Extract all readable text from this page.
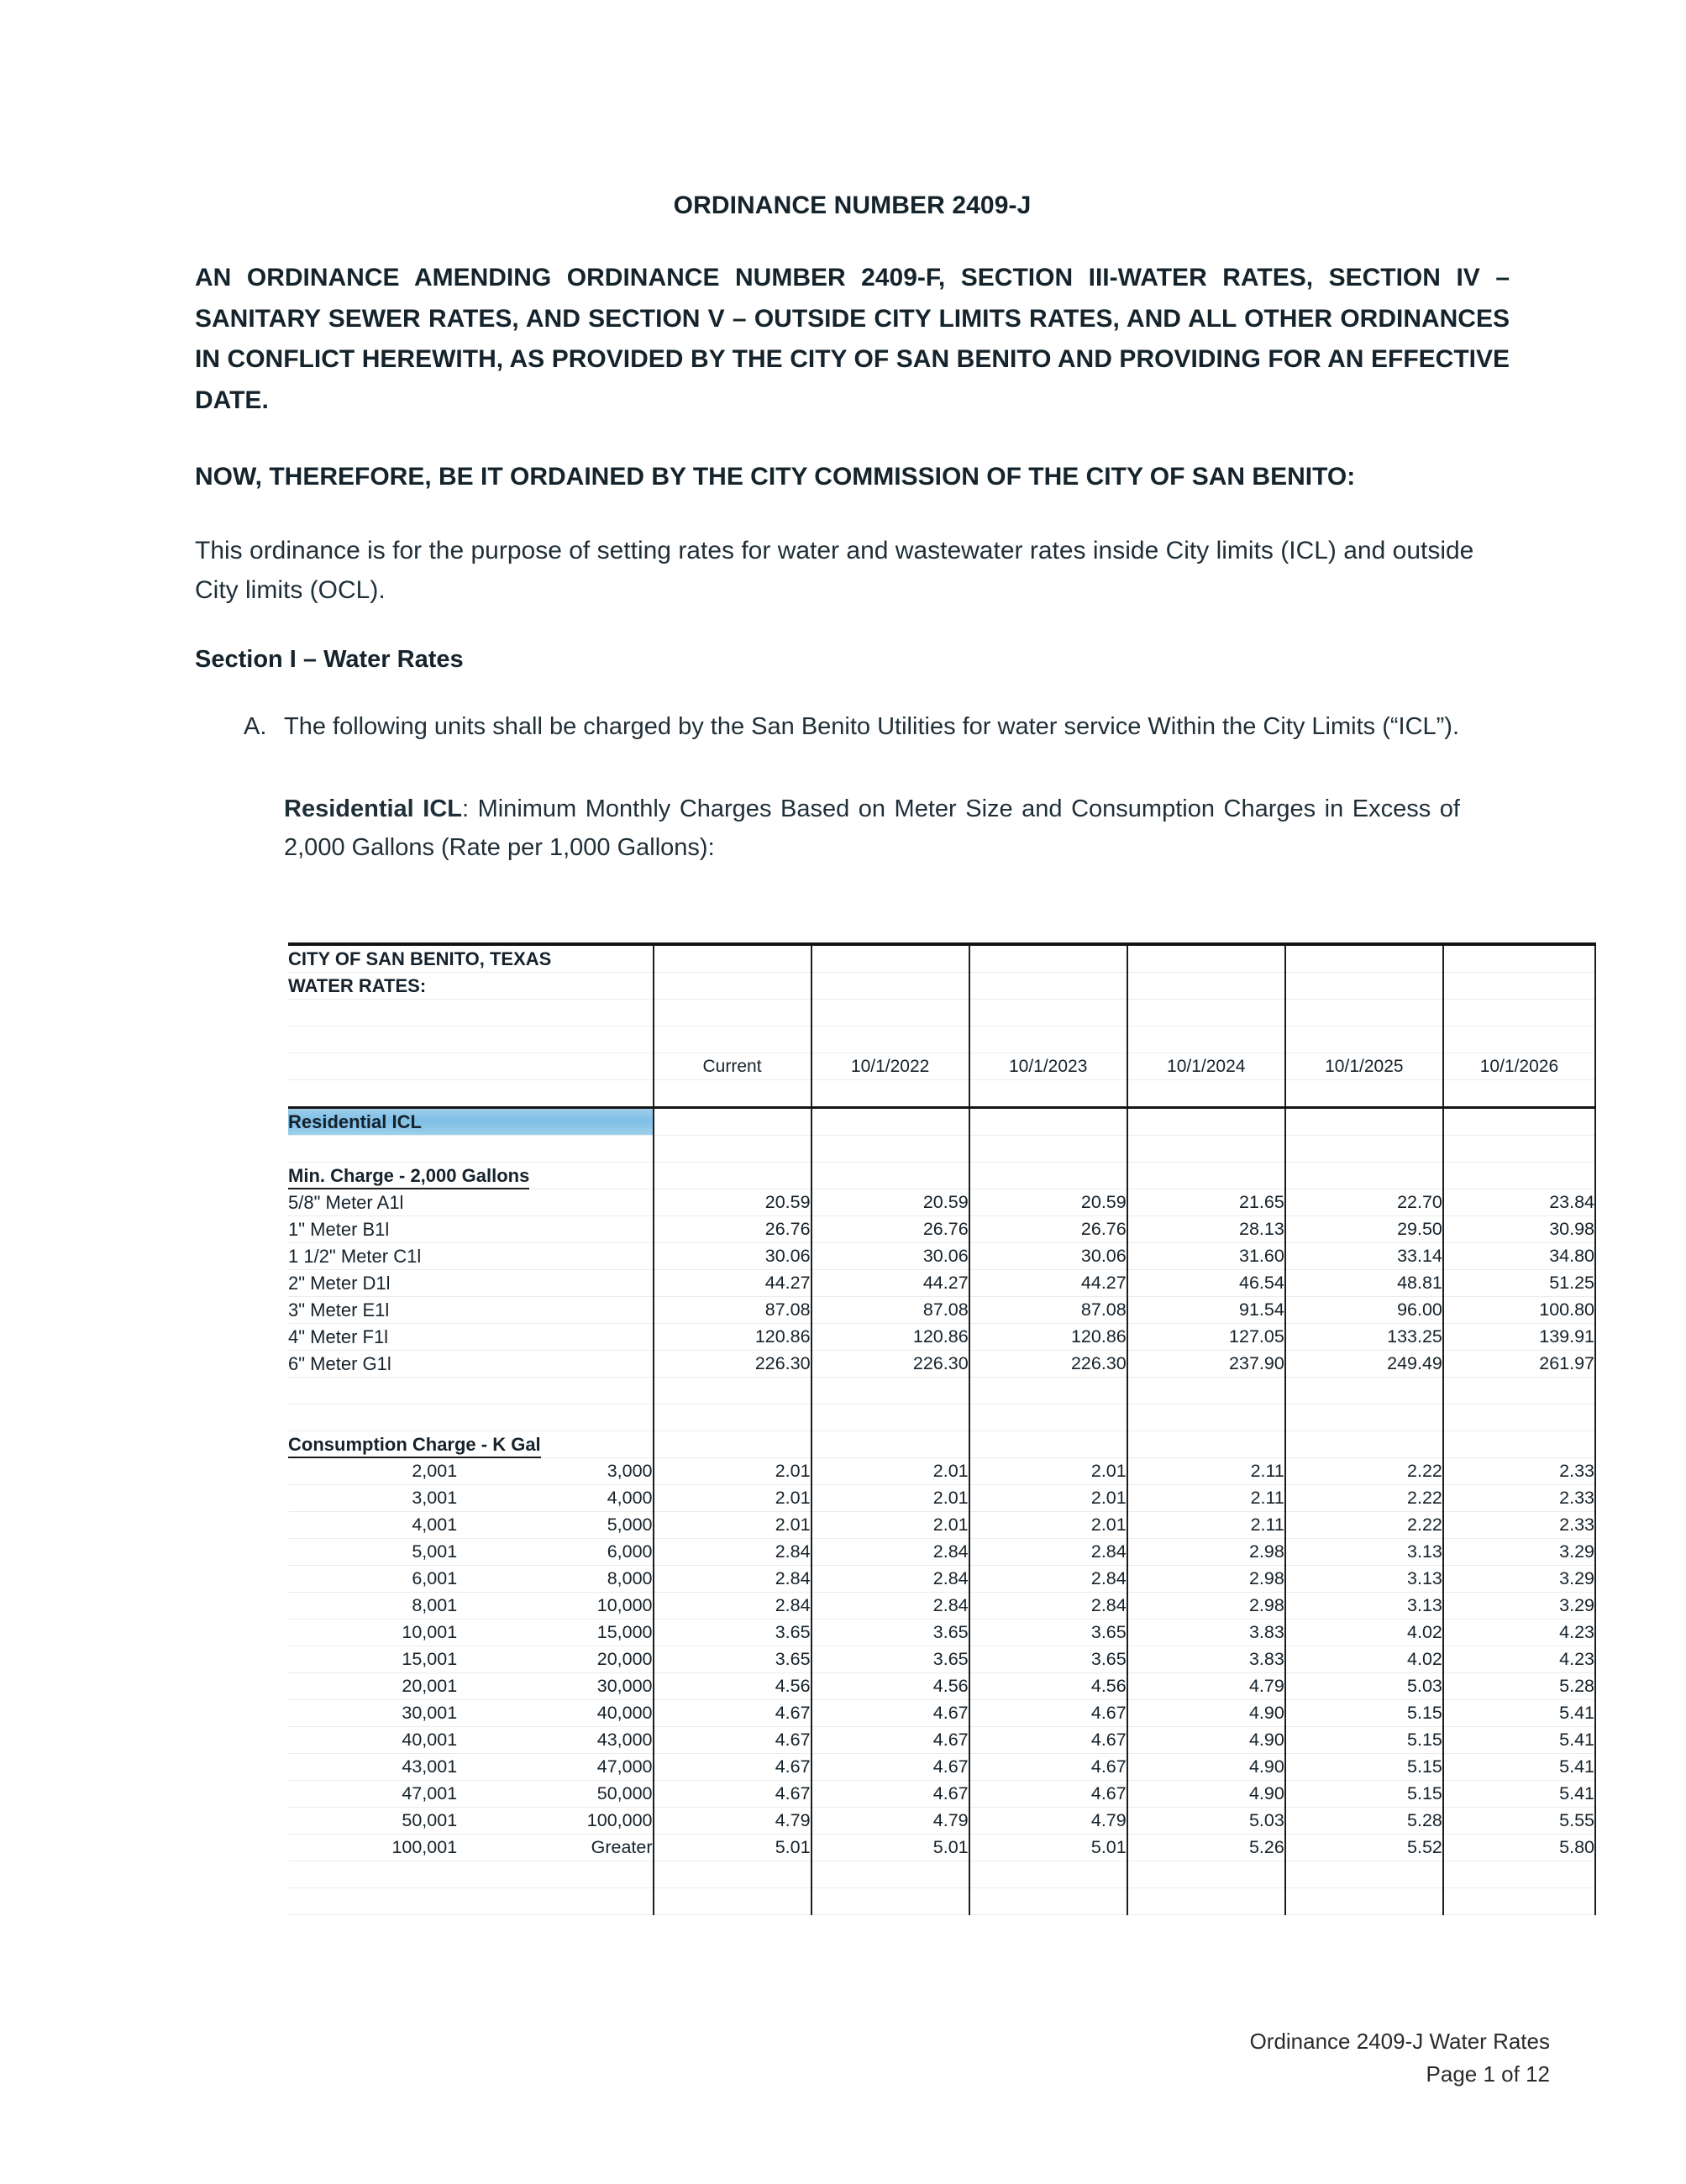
ORDINANCE NUMBER 2409-J
AN ORDINANCE AMENDING ORDINANCE NUMBER 2409-F, SECTION III-WATER RATES, SECTION IV – SANITARY SEWER RATES, AND SECTION V – OUTSIDE CITY LIMITS RATES, AND ALL OTHER ORDINANCES IN CONFLICT HEREWITH, AS PROVIDED BY THE CITY OF SAN BENITO AND PROVIDING FOR AN EFFECTIVE DATE.
NOW, THEREFORE, BE IT ORDAINED BY THE CITY COMMISSION OF THE CITY OF SAN BENITO:
This ordinance is for the purpose of setting rates for water and wastewater rates inside City limits (ICL) and outside City limits (OCL).
Section I – Water Rates
A. The following units shall be charged by the San Benito Utilities for water service Within the City Limits (“ICL”).
Residential ICL: Minimum Monthly Charges Based on Meter Size and Consumption Charges in Excess of 2,000 Gallons (Rate per 1,000 Gallons):
CITY OF SAN BENITO, TEXAS							
WATER RATES:							

		Current	10/1/2022	10/1/2023	10/1/2024	10/1/2025	10/1/2026

Residential ICL							

Min. Charge - 2,000 Gallons							
5/8" Meter A1l		20.59	20.59	20.59	21.65	22.70	23.84
1" Meter B1l		26.76	26.76	26.76	28.13	29.50	30.98
1 1/2" Meter C1l		30.06	30.06	30.06	31.60	33.14	34.80
2" Meter D1l		44.27	44.27	44.27	46.54	48.81	51.25
3" Meter E1l		87.08	87.08	87.08	91.54	96.00	100.80
4" Meter F1l		120.86	120.86	120.86	127.05	133.25	139.91
6" Meter G1l		226.30	226.30	226.30	237.90	249.49	261.97

Consumption Charge - K Gal							
2,001	3,000	2.01	2.01	2.01	2.11	2.22	2.33
3,001	4,000	2.01	2.01	2.01	2.11	2.22	2.33
4,001	5,000	2.01	2.01	2.01	2.11	2.22	2.33
5,001	6,000	2.84	2.84	2.84	2.98	3.13	3.29
6,001	8,000	2.84	2.84	2.84	2.98	3.13	3.29
8,001	10,000	2.84	2.84	2.84	2.98	3.13	3.29
10,001	15,000	3.65	3.65	3.65	3.83	4.02	4.23
15,001	20,000	3.65	3.65	3.65	3.83	4.02	4.23
20,001	30,000	4.56	4.56	4.56	4.79	5.03	5.28
30,001	40,000	4.67	4.67	4.67	4.90	5.15	5.41
40,001	43,000	4.67	4.67	4.67	4.90	5.15	5.41
43,001	47,000	4.67	4.67	4.67	4.90	5.15	5.41
47,001	50,000	4.67	4.67	4.67	4.90	5.15	5.41
50,001	100,000	4.79	4.79	4.79	5.03	5.28	5.55
100,001	Greater	5.01	5.01	5.01	5.26	5.52	5.80

Ordinance 2409-J Water Rates
Page 1 of 12
